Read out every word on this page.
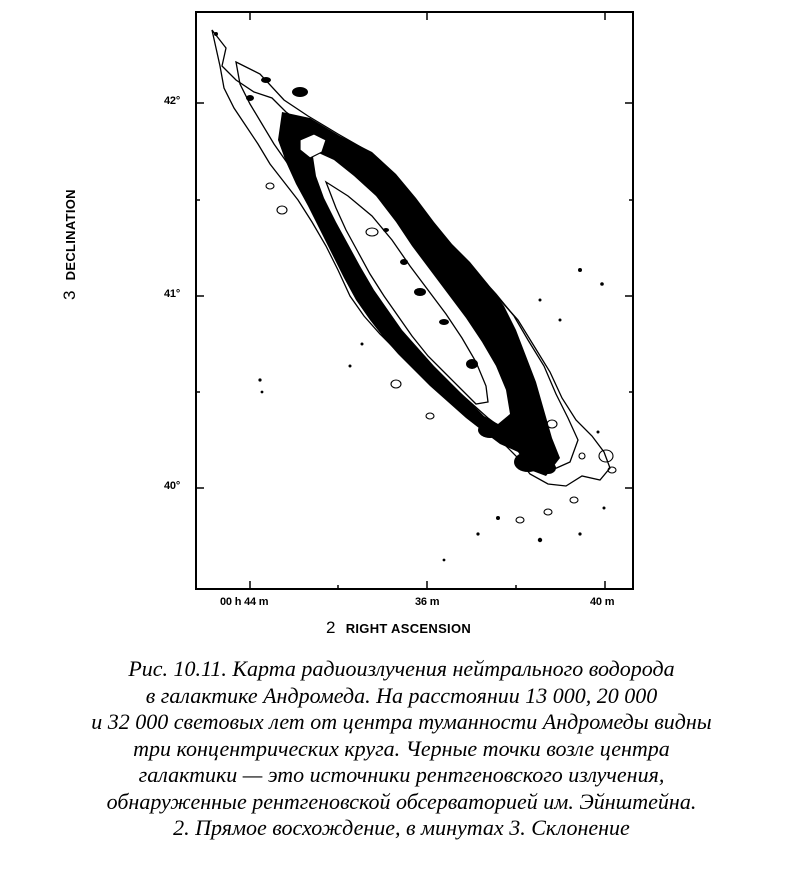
42°
41°
40°
00 h 44 m	36 m	40 m
3 DECLINATION
2 RIGHT ASCENSION
Рис. 10.11. Карта радиоизлучения нейтрального водорода
в галактике Андромеда. На расстоянии 13 000, 20 000
и 32 000 световых лет от центра туманности Андромеды видны
три концентрических круга. Черные точки возле центра
галактики — это источники рентгеновского излучения,
обнаруженные рентгеновской обсерваторией им. Эйнштейна.
2. Прямое восхождение, в минутах 3. Склонение
